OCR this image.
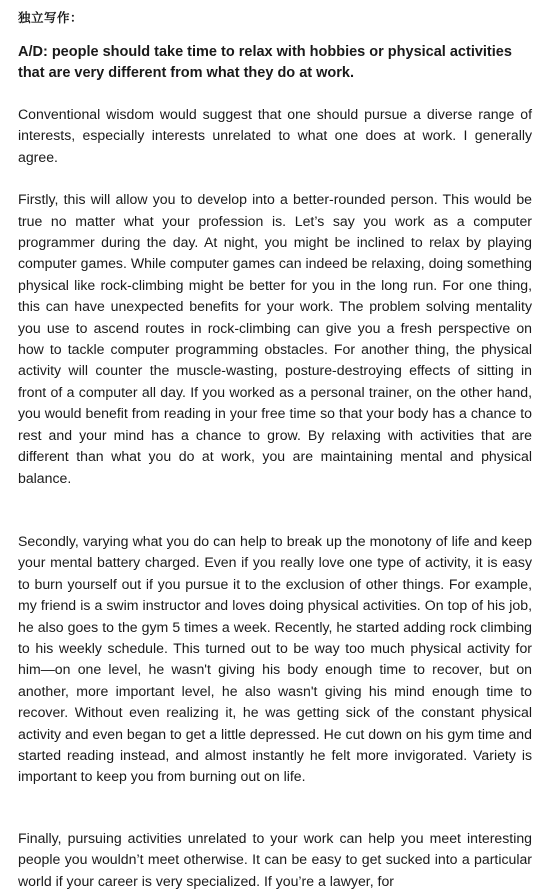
独立写作：
A/D: people should take time to relax with hobbies or physical activities that are very different from what they do at work.

Conventional wisdom would suggest that one should pursue a diverse range of interests, especially interests unrelated to what one does at work. I generally agree.

Firstly, this will allow you to develop into a better-rounded person. This would be true no matter what your profession is. Let’s say you work as a computer programmer during the day. At night, you might be inclined to relax by playing computer games. While computer games can indeed be relaxing, doing something physical like rock-climbing might be better for you in the long run. For one thing, this can have unexpected benefits for your work. The problem solving mentality you use to ascend routes in rock-climbing can give you a fresh perspective on how to tackle computer programming obstacles. For another thing, the physical activity will counter the muscle-wasting, posture-destroying effects of sitting in front of a computer all day. If you worked as a personal trainer, on the other hand, you would benefit from reading in your free time so that your body has a chance to rest and your mind has a chance to grow. By relaxing with activities that are different than what you do at work, you are maintaining mental and physical balance.

Secondly, varying what you do can help to break up the monotony of life and keep your mental battery charged. Even if you really love one type of activity, it is easy to burn yourself out if you pursue it to the exclusion of other things. For example, my friend is a swim instructor and loves doing physical activities. On top of his job, he also goes to the gym 5 times a week. Recently, he started adding rock climbing to his weekly schedule. This turned out to be way too much physical activity for him—on one level, he wasn't giving his body enough time to recover, but on another, more important level, he also wasn't giving his mind enough time to recover. Without even realizing it, he was getting sick of the constant physical activity and even began to get a little depressed. He cut down on his gym time and started reading instead, and almost instantly he felt more invigorated. Variety is important to keep you from burning out on life.

Finally, pursuing activities unrelated to your work can help you meet interesting people you wouldn’t meet otherwise. It can be easy to get sucked into a particular world if your career is very specialized. If you’re a lawyer, for
